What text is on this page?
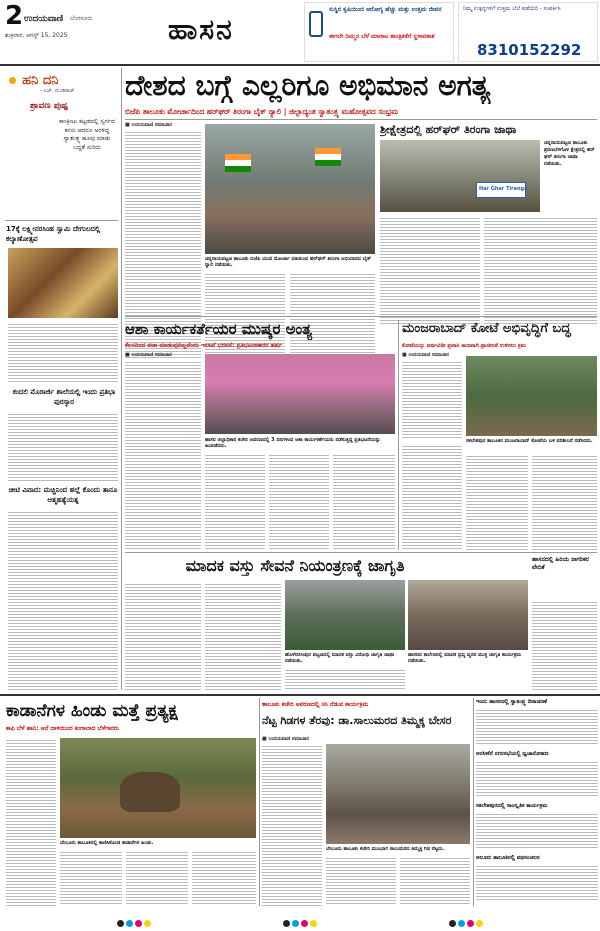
2 ಉದಯವಾಣಿ ಬೆಂಗಳೂರು
ಶುಕ್ರವಾರ, ಆಗಸ್ಟ್ 15, 2025	ಹಾಸನ
ಸುಸ್ಥಿರ ಕೃಷಿಯಿಂದ ಆರೋಗ್ಯ ಹೆಚ್ಚು ಮತ್ತು ಉತ್ತಮ ಜೀವನ
ಈಗಲೇ ದಿಮ್ಮನ ಬೆಳೆ ಮಾರಾಟ ತಾಂತ್ರಿಕತೆಗೆ ಸ್ಥಳಾವಕಾಶ
ನಿಮ್ಮ ಉತ್ಪನ್ನಗಳಿಗೆ ಉತ್ತಮ ಬೆಲೆ ಪಡೆಯಿರಿ - ಸಂಪರ್ಕಿಸಿ
8310152292
ಹನಿ ದನಿ
- ಎಚ್. ದುಂಡಿರಾಜ್
ಶ್ರಾವಣ ಪುಷ್ಪ
ಕಾಂಕ್ರೀಟು ಕಟ್ಟಡದಲ್ಲಿ ಸ್ವರ್ಗದ ಕನಸು ಆದರೂ ಅರಳಿದ್ದ ಸ್ವಾತಂತ್ರ್ಯ ಹೂವು ಮಾಡು ಬದ್ಧತೆ ಸುರಿದು
17ಕ್ಕೆ ಲಕ್ಷ್ಮೀನರಸಿಂಹ ಸ್ವಾಮಿ ದೇಗುಲದಲ್ಲಿ ಕಲ್ಯಾಣೋತ್ಸವ
ಕಂದಲಿ ಮೊರಾರ್ಜಿ ಶಾಲೆಯಲ್ಲಿ ಇಂದು ಪ್ರತಿಭಾ ಪುರಸ್ಕಾರ
ಚೀಟಿ ವಿವಾದ: ಮಚ್ಚಿನಿಂದ ಹಲ್ಲೆ ಕೊಂದು ತಾನೂ ಆತ್ಮಹತ್ಯೆಯತ್ನ
ದೇಶದ ಬಗ್ಗೆ ಎಲ್ಲರಿಗೂ ಅಭಿಮಾನ ಅಗತ್ಯ
ಬಿಜೆಪಿ ತಾಲೂಕು ಮೋರ್ಚಾದಿಂದ ಹರ್‌ಘರ್ ತಿರಂಗಾ ಬೈಕ್ ರ್‍ಯಾಲಿ | ಜಿಲ್ಲಾದ್ಯಂತ ಸ್ವಾತಂತ್ರ್ಯ ಮಹೋತ್ಸವದ ಸಂಭ್ರಮ
■ ಉದಯವಾಣಿ ಸಮಾಚಾರ
ಚನ್ನರಾಯಪಟ್ಟಣ ತಾಲೂಕು ಬಿಜೆಪಿ ಯುವ ಮೋರ್ಚಾ ವತಿಯಿಂದ ಹರ್‌ಘರ್ ತಿರಂಗಾ ಅಭಿಯಾನದ ಬೈಕ್ ರ್‍ಯಾಲಿ ನಡೆಯಿತು.
ಶ್ರೀಕ್ಷೇತ್ರದಲ್ಲಿ ಹರ್‌ಘರ್ ತಿರಂಗಾ ಜಾಥಾ
Har Ghar Tiranga
ಚನ್ನರಾಯಪಟ್ಟಣ ತಾಲೂಕು ಶ್ರವಣಬೆಳಗೊಳ ಕ್ಷೇತ್ರದಲ್ಲಿ ಹರ್ ಘರ್ ತಿರಂಗಾ ಜಾಥಾ ನಡೆಯಿತು.
ಆಶಾ ಕಾರ್ಯಕರ್ತೆಯರ ಮುಷ್ಕರ ಅಂತ್ಯ
ಕೆಲಸದಿಂದ ವಜಾ ಮಾಡುವುದಿಲ್ಲವೆಂದು ಇಲಾಖೆ ಭರವಸೆ: ಪ್ರತಿಭಟನಾಕಾರರ ಹರ್ಷ
■ ಉದಯವಾಣಿ ಸಮಾಚಾರ
ಹಾಸನ ಜಿಲ್ಲಾಧಿಕಾರಿ ಕಚೇರಿ ಆವರಣದಲ್ಲಿ 3 ದಿನಗಳಿಂದ ಆಶಾ ಕಾರ್ಯಕರ್ತೆಯರು ನಡೆಸುತ್ತಿದ್ದ ಪ್ರತಿಭಟನೆಯನ್ನು ಹಿಂಪಡೆದರು.
ಮಂಜರಾಬಾದ್ ಕೋಟೆ ಅಭಿವೃದ್ಧಿಗೆ ಬದ್ಧ
ಕೋಟೆಯನ್ನು ವರ್ಷವಿಡೀ ಪ್ರವಾಸಿ ತಾಣವಾಗಿ ಪ್ರಾಚೀನತೆ ಉಳಿಸಲು ಕ್ರಮ
■ ಉದಯವಾಣಿ ಸಮಾಚಾರ
ಸಕಲೇಶಪುರ ತಾಲೂಕಿನ ಮಂಜರಾಬಾದ್ ಕೋಟೆಯ ಬಳಿ ಪರಿಶೀಲನೆ ನಡೆಸಿದರು.
ಮಾದಕ ವಸ್ತು ಸೇವನೆ ನಿಯಂತ್ರಣಕ್ಕೆ ಜಾಗೃತಿ
ಹೊಳೆನರಸೀಪುರ ಪಟ್ಟಣದಲ್ಲಿ ಮಾದಕ ವಸ್ತು ವಿರೋಧಿ ಜಾಗೃತಿ ಜಾಥಾ ನಡೆಯಿತು.
ಹಾಸನದ ಕಾಲೇಜಿನಲ್ಲಿ ಮಾದಕ ದ್ರವ್ಯ ವ್ಯಸನ ಮುಕ್ತ ಜಾಗೃತಿ ಕಾರ್ಯಕ್ರಮ ನಡೆಯಿತು.
ಹಾಸನದಲ್ಲಿ ಹಿರಿಯ ನಾಗರಿಕರ ವೇದಿಕೆ
ಕಾಡಾನೆಗಳ ಹಿಂಡು ಮತ್ತೆ ಪ್ರತ್ಯಕ್ಷ
ಕಾಫಿ ಬೆಳೆ ಹಾನಿ: ಆನೆ ದಾಳಿಯಿಂದ ಕಂಗಾಲಾದ ಬೆಳೆಗಾರರು
ಬೇಲೂರು ತಾಲೂಕಿನಲ್ಲಿ ಕಾಣಿಸಿಕೊಂಡ ಕಾಡಾನೆಗಳ ಹಿಂಡು.
ತಾಲೂಕು ಕಚೇರಿ ಆವರಣದಲ್ಲಿ ಸಸಿ ನೆಡುವ ಕಾರ್ಯಕ್ರಮ
ನೆಟ್ಟ ಗಿಡಗಳ ತೆರವು: ಡಾ.ಸಾಲುಮರದ ತಿಮ್ಮಕ್ಕ ಬೇಸರ
■ ಉದಯವಾಣಿ ಸಮಾಚಾರ
ಬೇಲೂರು ತಾಲೂಕು ಕಚೇರಿ ಮುಂಭಾಗ ಸಾಲುಮರದ ತಿಮ್ಮಕ್ಕ ಗಿಡ ನೆಟ್ಟರು.
ಇಂದು ಹಾಸನದಲ್ಲಿ ಸ್ವಾತಂತ್ರ್ಯ ದಿನಾಚರಣೆ
ಅರಸೀಕೆರೆ ನಗರಸಭೆಯಲ್ಲಿ ಧ್ವಜಾರೋಹಣ
ಸಕಲೇಶಪುರದಲ್ಲಿ ಸಾಂಸ್ಕೃತಿಕ ಕಾರ್ಯಕ್ರಮ
ಆಲೂರು ತಾಲೂಕಿನಲ್ಲಿ ಪಥಸಂಚಲನ
